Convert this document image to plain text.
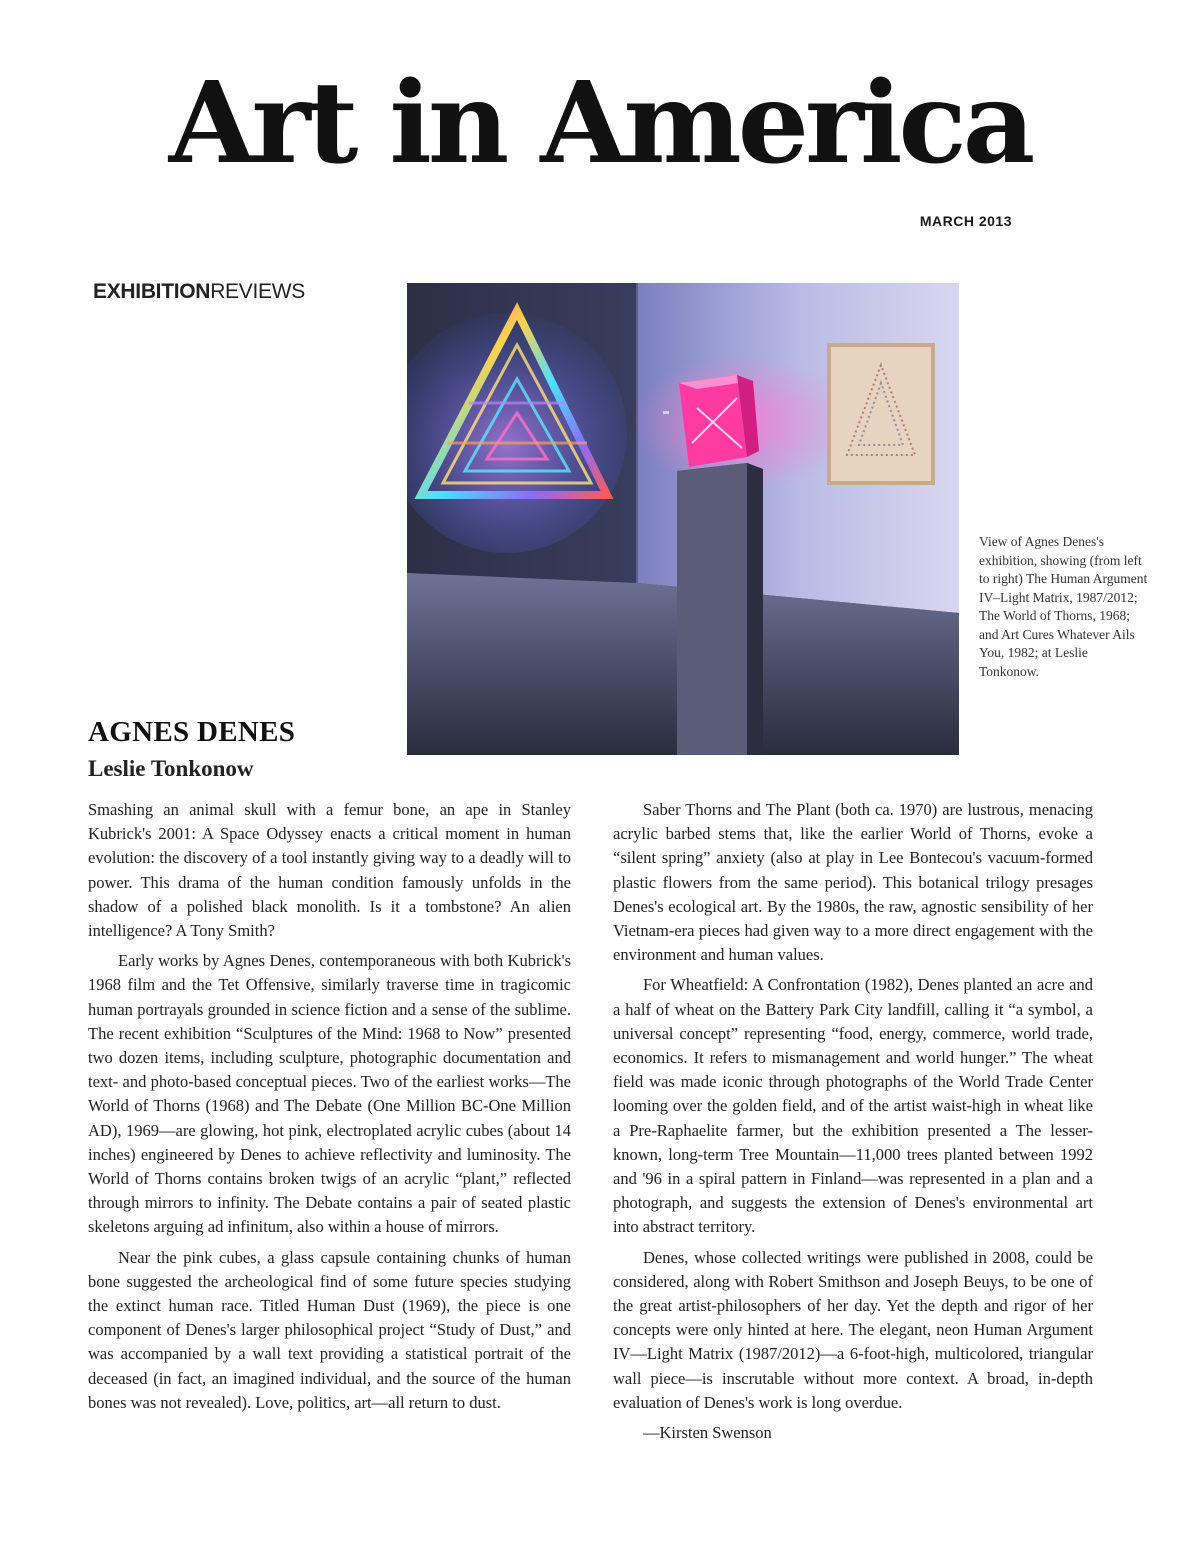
Art in America
MARCH 2013
EXHIBITIONREVIEWS
View of Agnes Denes's exhibition, showing (from left to right) The Human Argument IV–Light Matrix, 1987/2012; The World of Thorns, 1968; and Art Cures Whatever Ails You, 1982; at Leslie Tonkonow.
AGNES DENES
Leslie Tonkonow

Smashing an animal skull with a femur bone, an ape in Stanley Kubrick's 2001: A Space Odyssey enacts a critical moment in human evolution: the discovery of a tool instantly giving way to a deadly will to power. This drama of the human condition famously unfolds in the shadow of a polished black monolith. Is it a tombstone? An alien intelligence? A Tony Smith?

Early works by Agnes Denes, contemporaneous with both Kubrick's 1968 film and the Tet Offensive, similarly traverse time in tragicomic human portrayals grounded in science fiction and a sense of the sublime. The recent exhibition “Sculptures of the Mind: 1968 to Now” presented two dozen items, including sculpture, photographic documentation and text- and photo-based conceptual pieces. Two of the earliest works—The World of Thorns (1968) and The Debate (One Million BC-One Million AD), 1969—are glowing, hot pink, electroplated acrylic cubes (about 14 inches) engineered by Denes to achieve reflectivity and luminosity. The World of Thorns contains broken twigs of an acrylic “plant,” reflected through mirrors to infinity. The Debate contains a pair of seated plastic skeletons arguing ad infinitum, also within a house of mirrors.

Near the pink cubes, a glass capsule containing chunks of human bone suggested the archeological find of some future species studying the extinct human race. Titled Human Dust (1969), the piece is one component of Denes's larger philosophical project “Study of Dust,” and was accompanied by a wall text providing a statistical portrait of the deceased (in fact, an imagined individual, and the source of the human bones was not revealed). Love, politics, art—all return to dust.

Saber Thorns and The Plant (both ca. 1970) are lustrous, menacing acrylic barbed stems that, like the earlier World of Thorns, evoke a “silent spring” anxiety (also at play in Lee Bontecou's vacuum-formed plastic flowers from the same period). This botanical trilogy presages Denes's ecological art. By the 1980s, the raw, agnostic sensibility of her Vietnam-era pieces had given way to a more direct engagement with the environment and human values.

For Wheatfield: A Confrontation (1982), Denes planted an acre and a half of wheat on the Battery Park City landfill, calling it “a symbol, a universal concept” representing “food, energy, commerce, world trade, economics. It refers to mismanagement and world hunger.” The wheat field was made iconic through photographs of the World Trade Center looming over the golden field, and of the artist waist-high in wheat like a Pre-Raphaelite farmer, but the exhibition presented a The lesser-known, long-term Tree Mountain—11,000 trees planted between 1992 and '96 in a spiral pattern in Finland—was represented in a plan and a photograph, and suggests the extension of Denes's environmental art into abstract territory.

Denes, whose collected writings were published in 2008, could be considered, along with Robert Smithson and Joseph Beuys, to be one of the great artist-philosophers of her day. Yet the depth and rigor of her concepts were only hinted at here. The elegant, neon Human Argument IV—Light Matrix (1987/2012)—a 6-foot-high, multicolored, triangular wall piece—is inscrutable without more context. A broad, in-depth evaluation of Denes's work is long overdue.

—Kirsten Swenson
